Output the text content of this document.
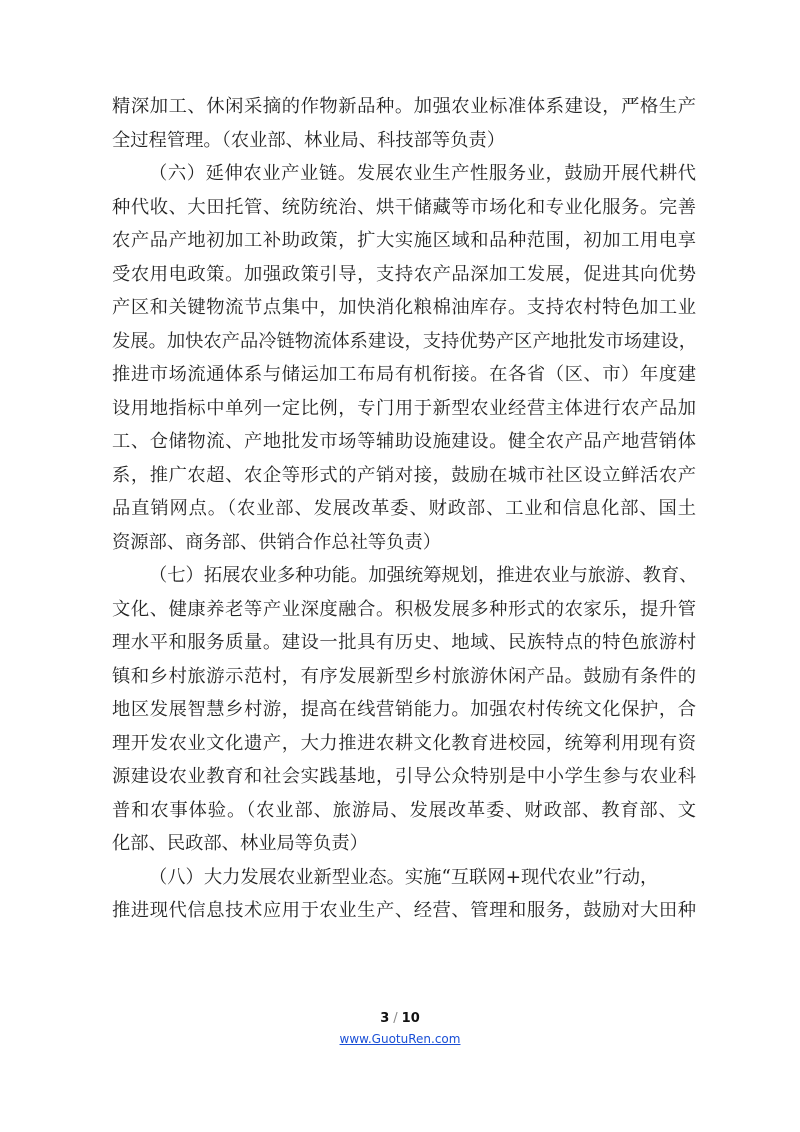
精深加工、休闲采摘的作物新品种。加强农业标准体系建设，严格生产
全过程管理。（农业部、林业局、科技部等负责）
（六）延伸农业产业链。发展农业生产性服务业，鼓励开展代耕代
种代收、大田托管、统防统治、烘干储藏等市场化和专业化服务。完善
农产品产地初加工补助政策，扩大实施区域和品种范围，初加工用电享
受农用电政策。加强政策引导，支持农产品深加工发展，促进其向优势
产区和关键物流节点集中，加快消化粮棉油库存。支持农村特色加工业
发展。加快农产品冷链物流体系建设，支持优势产区产地批发市场建设，
推进市场流通体系与储运加工布局有机衔接。在各省（区、市）年度建
设用地指标中单列一定比例，专门用于新型农业经营主体进行农产品加
工、仓储物流、产地批发市场等辅助设施建设。健全农产品产地营销体
系，推广农超、农企等形式的产销对接，鼓励在城市社区设立鲜活农产
品直销网点。（农业部、发展改革委、财政部、工业和信息化部、国土
资源部、商务部、供销合作总社等负责）
（七）拓展农业多种功能。加强统筹规划，推进农业与旅游、教育、
文化、健康养老等产业深度融合。积极发展多种形式的农家乐，提升管
理水平和服务质量。建设一批具有历史、地域、民族特点的特色旅游村
镇和乡村旅游示范村，有序发展新型乡村旅游休闲产品。鼓励有条件的
地区发展智慧乡村游，提高在线营销能力。加强农村传统文化保护，合
理开发农业文化遗产，大力推进农耕文化教育进校园，统筹利用现有资
源建设农业教育和社会实践基地，引导公众特别是中小学生参与农业科
普和农事体验。（农业部、旅游局、发展改革委、财政部、教育部、文
化部、民政部、林业局等负责）
（八）大力发展农业新型业态。实施“互联网+现代农业”行动，
推进现代信息技术应用于农业生产、经营、管理和服务，鼓励对大田种
3 / 10
www.GuotuRen.com
